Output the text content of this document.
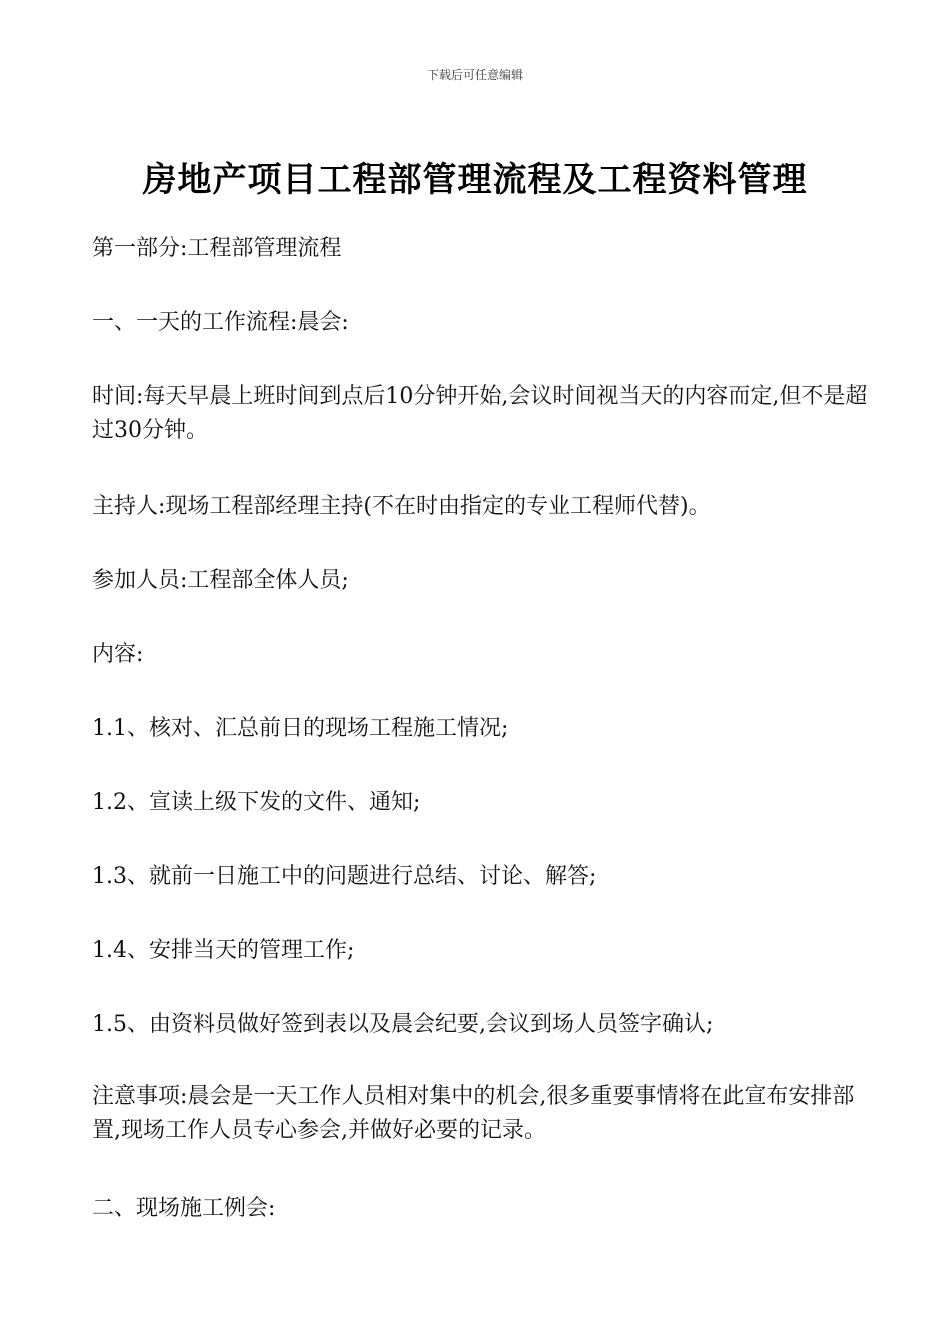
下载后可任意编辑
房地产项目工程部管理流程及工程资料管理
第一部分:工程部管理流程
一、一天的工作流程:晨会:
时间:每天早晨上班时间到点后10分钟开始,会议时间视当天的内容而定,但不是超过30分钟。
主持人:现场工程部经理主持(不在时由指定的专业工程师代替)。
参加人员:工程部全体人员;
内容:
1.1、核对、汇总前日的现场工程施工情况;
1.2、宣读上级下发的文件、通知;
1.3、就前一日施工中的问题进行总结、讨论、解答;
1.4、安排当天的管理工作;
1.5、由资料员做好签到表以及晨会纪要,会议到场人员签字确认;
注意事项:晨会是一天工作人员相对集中的机会,很多重要事情将在此宣布安排部置,现场工作人员专心参会,并做好必要的记录。
二、现场施工例会:
